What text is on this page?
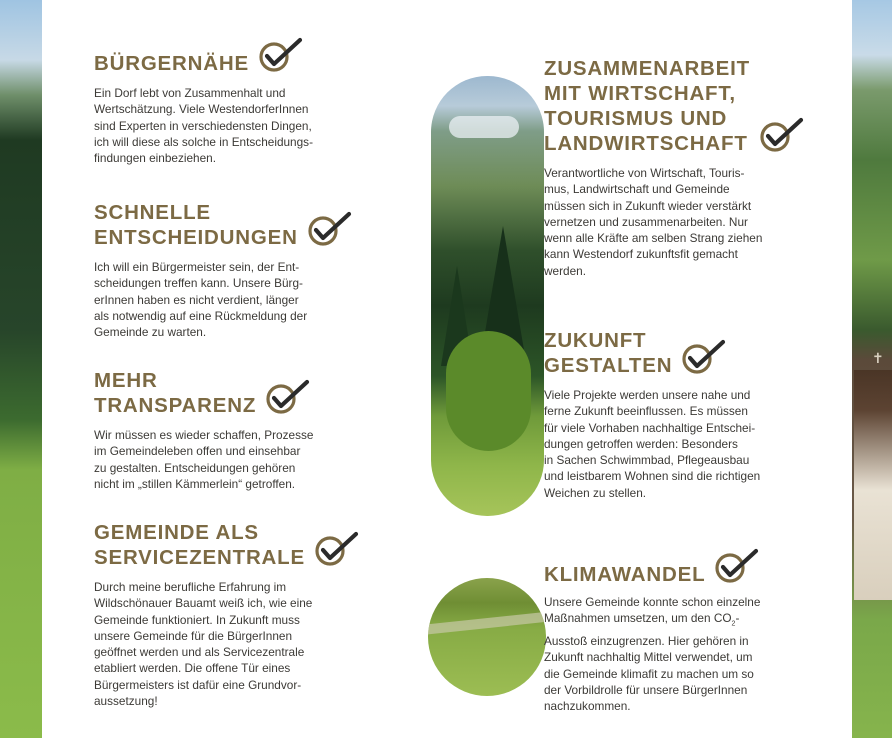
✝
BÜRGERNÄHE
Ein Dorf lebt von Zusammenhalt und
Wertschätzung. Viele WestendorferInnen
sind Experten in verschiedensten Dingen,
ich will diese als solche in Entscheidungs-
findungen einbeziehen.
SCHNELLE
ENTSCHEIDUNGEN
Ich will ein Bürgermeister sein, der Ent-
scheidungen treffen kann. Unsere Bürg-
erInnen haben es nicht verdient, länger
als notwendig auf eine Rückmeldung der
Gemeinde zu warten.
MEHR
TRANSPARENZ
Wir müssen es wieder schaffen, Prozesse
im Gemeindeleben offen und einsehbar
zu gestalten. Entscheidungen gehören
nicht im „stillen Kämmerlein“ getroffen.
GEMEINDE ALS
SERVICEZENTRALE
Durch meine berufliche Erfahrung im
Wildschönauer Bauamt weiß ich, wie eine
Gemeinde funktioniert. In Zukunft muss
unsere Gemeinde für die BürgerInnen
geöffnet werden und als Servicezentrale
etabliert werden. Die offene Tür eines
Bürgermeisters ist dafür eine Grundvor-
aussetzung!
ZUSAMMENARBEIT
MIT WIRTSCHAFT,
TOURISMUS UND
LANDWIRTSCHAFT
Verantwortliche von Wirtschaft, Touris-
mus, Landwirtschaft und Gemeinde
müssen sich in Zukunft wieder verstärkt
vernetzen und zusammenarbeiten. Nur
wenn alle Kräfte am selben Strang ziehen
kann Westendorf zukunftsfit gemacht
werden.
ZUKUNFT
GESTALTEN
Viele Projekte werden unsere nahe und
ferne Zukunft beeinflussen. Es müssen
für viele Vorhaben nachhaltige Entschei-
dungen getroffen werden: Besonders
in Sachen Schwimmbad, Pflegeausbau
und leistbarem Wohnen sind die richtigen
Weichen zu stellen.
KLIMAWANDEL
Unsere Gemeinde konnte schon einzelne
Maßnahmen umsetzen, um den $CO_2-$
Ausstoß einzugrenzen. Hier gehören in
Zukunft nachhaltig Mittel verwendet, um
die Gemeinde klimafit zu machen um so
der Vorbildrolle für unsere BürgerInnen
nachzukommen.
